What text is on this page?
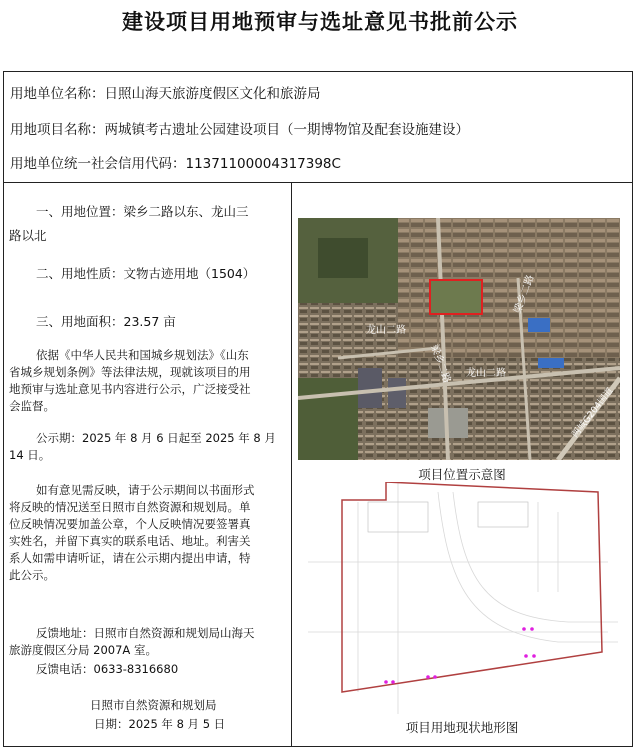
建设项目用地预审与选址意见书批前公示
用地单位名称：日照山海天旅游度假区文化和旅游局
用地项目名称：两城镇考古遗址公园建设项目（一期博物馆及配套设施建设）
用地单位统一社会信用代码：11371100004317398C
一、用地位置：梁乡二路以东、龙山三
路以北
二、用地性质：文物古迹用地（1504）
三、用地面积：23.57 亩
依据《中华人民共和国城乡规划法》《山东
省城乡规划条例》等法律法规，现就该项目的用
地预审与选址意见书内容进行公示，广泛接受社
会监督。
公示期：2025 年 8 月 6 日起至 2025 年 8 月
14 日。
如有意见需反映，请于公示期间以书面形式
将反映的情况送至日照市自然资源和规划局。单
位反映情况要加盖公章，个人反映情况要签署真
实姓名，并留下真实的联系电话、地址。利害关
系人如需申请听证，请在公示期内提出申请，特
此公示。
反馈地址：日照市自然资源和规划局山海天
旅游度假区分局 2007A 室。
反馈电话：0633-8316680
日照市自然资源和规划局
日期：2025 年 8 月 5 日
龙山二路
梁乡二路 龙山二路
梁乡二路
两城G204国道
项目位置示意图
项目用地现状地形图
